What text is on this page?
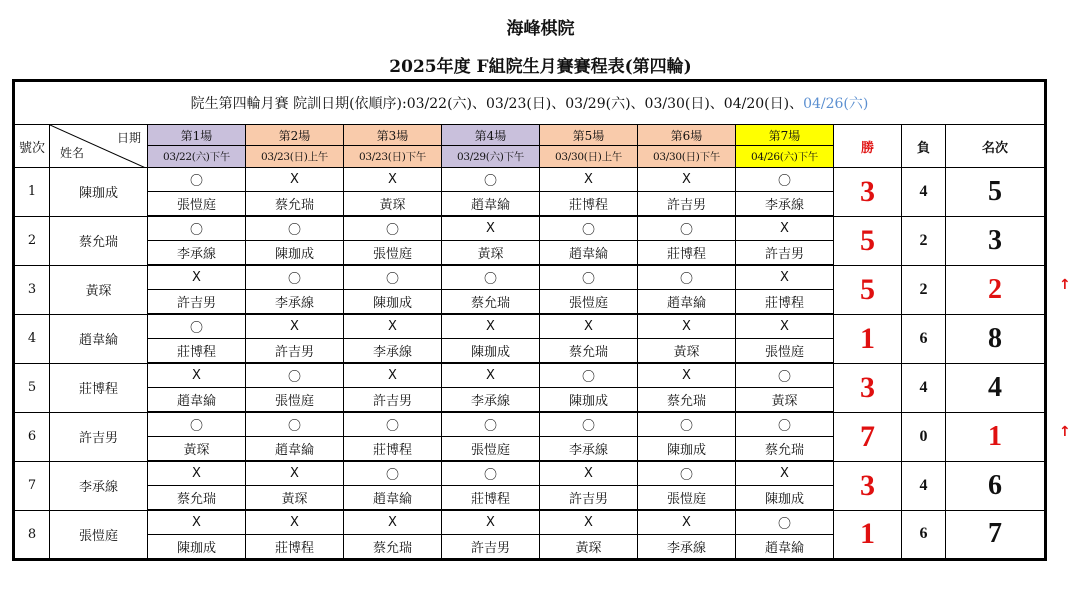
海峰棋院
2025年度 F組院生月賽賽程表(第四輪)
院生第四輪月賽 院訓日期(依順序):03/22(六)、03/23(日)、03/29(六)、03/30(日)、04/20(日)、04/26(六)											
號次	日期
姓名	第1場	第2場	第3場	第4場	第5場	第6場	第7場	勝	負	名次
		03/22(六)下午	03/23(日)上午	03/23(日)下午	03/29(六)下午	03/30(日)上午	03/30(日)下午	04/26(六)下午			
1	陳珈成	〇	X	X	〇	X	X	〇	3	4	5
		張愷庭	蔡允瑞	黃琛	趙韋綸	莊博程	許吉男	李承線			
2	蔡允瑞	〇	〇	〇	X	〇	〇	X	5	2	3
		李承線	陳珈成	張愷庭	黃琛	趙韋綸	莊博程	許吉男			
3	黃琛	X	〇	〇	〇	〇	〇	X	5	2	2
		許吉男	李承線	陳珈成	蔡允瑞	張愷庭	趙韋綸	莊博程			
4	趙韋綸	〇	X	X	X	X	X	X	1	6	8
		莊博程	許吉男	李承線	陳珈成	蔡允瑞	黃琛	張愷庭			
5	莊博程	X	〇	X	X	〇	X	〇	3	4	4
		趙韋綸	張愷庭	許吉男	李承線	陳珈成	蔡允瑞	黃琛			
6	許吉男	〇	〇	〇	〇	〇	〇	〇	7	0	1
		黃琛	趙韋綸	莊博程	張愷庭	李承線	陳珈成	蔡允瑞			
7	李承線	X	X	〇	〇	X	〇	X	3	4	6
		蔡允瑞	黃琛	趙韋綸	莊博程	許吉男	張愷庭	陳珈成			
8	張愷庭	X	X	X	X	X	X	〇	1	6	7
		陳珈成	莊博程	蔡允瑞	許吉男	黃琛	李承線	趙韋綸			
↑
↑
